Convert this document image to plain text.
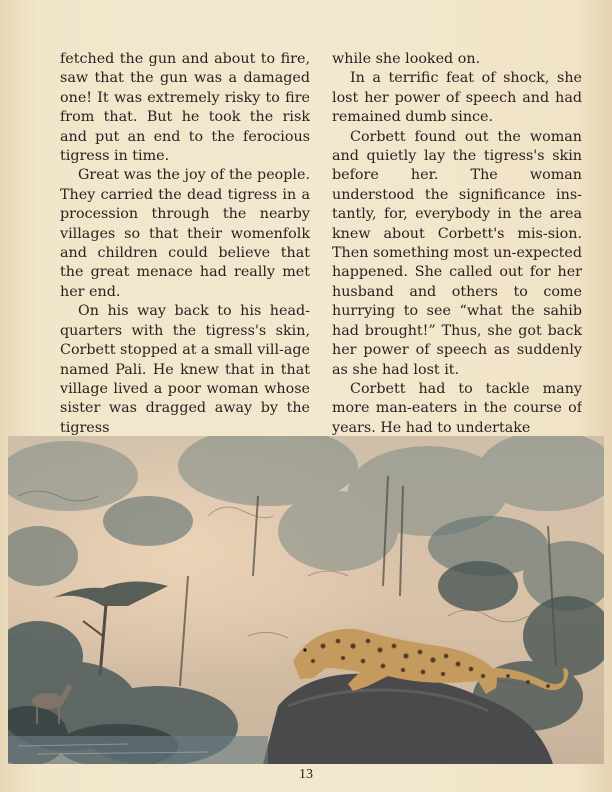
fetched the gun and about to fire, saw that the gun was a damaged one! It was extremely risky to fire from that. But he took the risk and put an end to the ferocious tigress in time.

Great was the joy of the people. They carried the dead tigress in a procession through the nearby villages so that their womenfolk and children could believe that the great menace had really met her end.

On his way back to his head-quarters with the tigress's skin, Corbett stopped at a small vill-age named Pali. He knew that in that village lived a poor woman whose sister was dragged away by the tigress

while she looked on.

In a terrific feat of shock, she lost her power of speech and had remained dumb since.

Corbett found out the woman and quietly lay the tigress's skin before her. The woman understood the significance ins-tantly, for, everybody in the area knew about Corbett's mis-sion. Then something most un-expected happened. She called out for her husband and others to come hurrying to see “what the sahib had brought!” Thus, she got back her power of speech as suddenly as she had lost it.

Corbett had to tackle many more man-eaters in the course of years. He had to undertake

13
